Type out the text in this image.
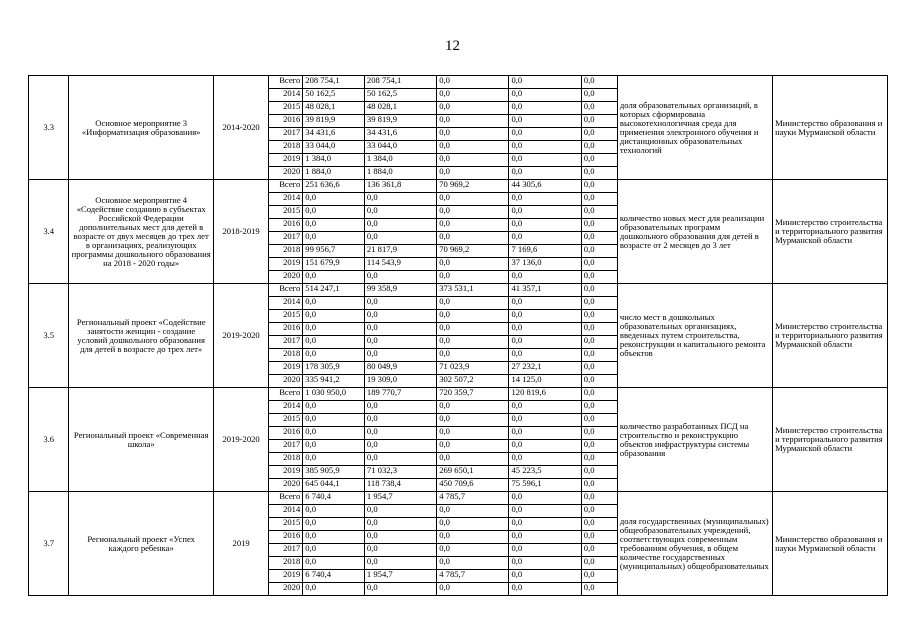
12
3.3	Основное мероприятие 3 «Информатизация образования»	2014-2020	Всего	208 754,1	208 754,1	0,0	0,0	0,0	доля образовательных организаций, в которых сформирована высокотехнологичная среда для применения электронного обучения и дистанционных образовательных технологий	Министерство образования и науки Мурманской области
			2014	50 162,5	50 162,5	0,0	0,0	0,0		
			2015	48 028,1	48 028,1	0,0	0,0	0,0		
			2016	39 819,9	39 819,9	0,0	0,0	0,0		
			2017	34 431,6	34 431,6	0,0	0,0	0,0		
			2018	33 044,0	33 044,0	0,0	0,0	0,0		
			2019	1 384,0	1 384,0	0,0	0,0	0,0		
			2020	1 884,0	1 884,0	0,0	0,0	0,0		
3.4	Основное мероприятие 4 «Содействие созданию в субъектах Российской Федерации дополнительных мест для детей в возрасте от двух месяцев до трех лет в организациях, реализующих программы дошкольного образования на 2018 - 2020 годы»	2018-2019	Всего	251 636,6	136 361,8	70 969,2	44 305,6	0,0	количество новых мест для реализации образовательных программ дошкольного образования для детей в возрасте от 2 месяцев до 3 лет	Министерство строительства и территориального развития Мурманской области
			2014	0,0	0,0	0,0	0,0	0,0		
			2015	0,0	0,0	0,0	0,0	0,0		
			2016	0,0	0,0	0,0	0,0	0,0		
			2017	0,0	0,0	0,0	0,0	0,0		
			2018	99 956,7	21 817,9	70 969,2	7 169,6	0,0		
			2019	151 679,9	114 543,9	0,0	37 136,0	0,0		
			2020	0,0	0,0	0,0	0,0	0,0		
3.5	Региональный проект «Содействие занятости женщин - создание условий дошкольного образования для детей в возрасте до трех лет»	2019-2020	Всего	514 247,1	99 358,9	373 531,1	41 357,1	0,0	число мест в дошкольных образовательных организациях, введенных путем строительства, реконструкции и капитального ремонта объектов	Министерство строительства и территориального развития Мурманской области
			2014	0,0	0,0	0,0	0,0	0,0		
			2015	0,0	0,0	0,0	0,0	0,0		
			2016	0,0	0,0	0,0	0,0	0,0		
			2017	0,0	0,0	0,0	0,0	0,0		
			2018	0,0	0,0	0,0	0,0	0,0		
			2019	178 305,9	80 049,9	71 023,9	27 232,1	0,0		
			2020	335 941,2	19 309,0	302 507,2	14 125,0	0,0		
3.6	Региональный проект «Современная школа»	2019-2020	Всего	1 030 950,0	189 770,7	720 359,7	120 819,6	0,0	количество разработанных ПСД на строительство и реконструкцию объектов инфраструктуры системы образования	Министерство строительства и территориального развития Мурманской области
			2014	0,0	0,0	0,0	0,0	0,0		
			2015	0,0	0,0	0,0	0,0	0,0		
			2016	0,0	0,0	0,0	0,0	0,0		
			2017	0,0	0,0	0,0	0,0	0,0		
			2018	0,0	0,0	0,0	0,0	0,0		
			2019	385 905,9	71 032,3	269 650,1	45 223,5	0,0		
			2020	645 044,1	118 738,4	450 709,6	75 596,1	0,0		
3.7	Региональный проект «Успех каждого ребенка»	2019	Всего	6 740,4	1 954,7	4 785,7	0,0	0,0	доля государственных (муниципальных) общеобразовательных учреждений, соответствующих современным требованиям обучения, в общем количестве государственных (муниципальных) общеобразовательных	Министерство образования и науки Мурманской области
			2014	0,0	0,0	0,0	0,0	0,0		
			2015	0,0	0,0	0,0	0,0	0,0		
			2016	0,0	0,0	0,0	0,0	0,0		
			2017	0,0	0,0	0,0	0,0	0,0		
			2018	0,0	0,0	0,0	0,0	0,0		
			2019	6 740,4	1 954,7	4 785,7	0,0	0,0		
			2020	0,0	0,0	0,0	0,0	0,0		
